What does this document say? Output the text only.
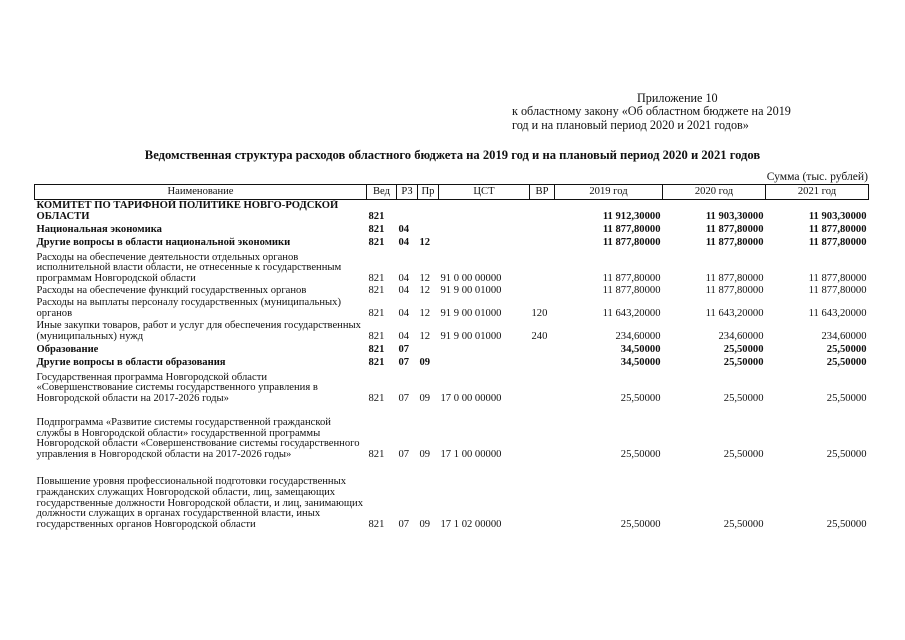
Приложение 10
к областному закону «Об областном бюджете на 2019
год и на плановый период 2020 и 2021 годов»
Ведомственная структура расходов областного бюджета на 2019 год и на плановый период 2020 и 2021 годов
Сумма (тыс. рублей)
Наименование	Вед	РЗ	Пр	ЦСТ	ВР	2019 год	2020 год	2021 год
КОМИТЕТ ПО ТАРИФНОЙ ПОЛИТИКЕ НОВГО-РОДСКОЙ ОБЛАСТИ	821					11 912,30000	11 903,30000	11 903,30000
Национальная экономика	821	04				11 877,80000	11 877,80000	11 877,80000
Другие вопросы в области национальной экономики	821	04	12			11 877,80000	11 877,80000	11 877,80000
Расходы на обеспечение деятельности отдельных органов исполнительной власти области, не отнесенные к государственным программам Новгородской области	821	04	12	91 0 00 00000		11 877,80000	11 877,80000	11 877,80000
Расходы на обеспечение функций государственных органов	821	04	12	91 9 00 01000		11 877,80000	11 877,80000	11 877,80000
Расходы на выплаты персоналу государственных (муниципальных) органов	821	04	12	91 9 00 01000	120	11 643,20000	11 643,20000	11 643,20000
Иные закупки товаров, работ и услуг для обеспечения государственных (муниципальных) нужд	821	04	12	91 9 00 01000	240	234,60000	234,60000	234,60000
Образование	821	07				34,50000	25,50000	25,50000
Другие вопросы в области образования	821	07	09			34,50000	25,50000	25,50000
Государственная программа Новгородской области «Совершенствование системы государственного управления в Новгородской области на 2017-2026 годы»	821	07	09	17 0 00 00000		25,50000	25,50000	25,50000
Подпрограмма «Развитие системы государственной гражданской службы в Новгородской области» государственной программы Новгородской области «Совершенствование системы государственного управления в Новгородской области на 2017-2026 годы»	821	07	09	17 1 00 00000		25,50000	25,50000	25,50000
Повышение уровня профессиональной подготовки государственных гражданских служащих Новгородской области, лиц, замещающих государственные должности Новгородской области, и лиц, занимающих должности служащих в органах государственной власти, иных государственных органов Новгородской области	821	07	09	17 1 02 00000		25,50000	25,50000	25,50000
